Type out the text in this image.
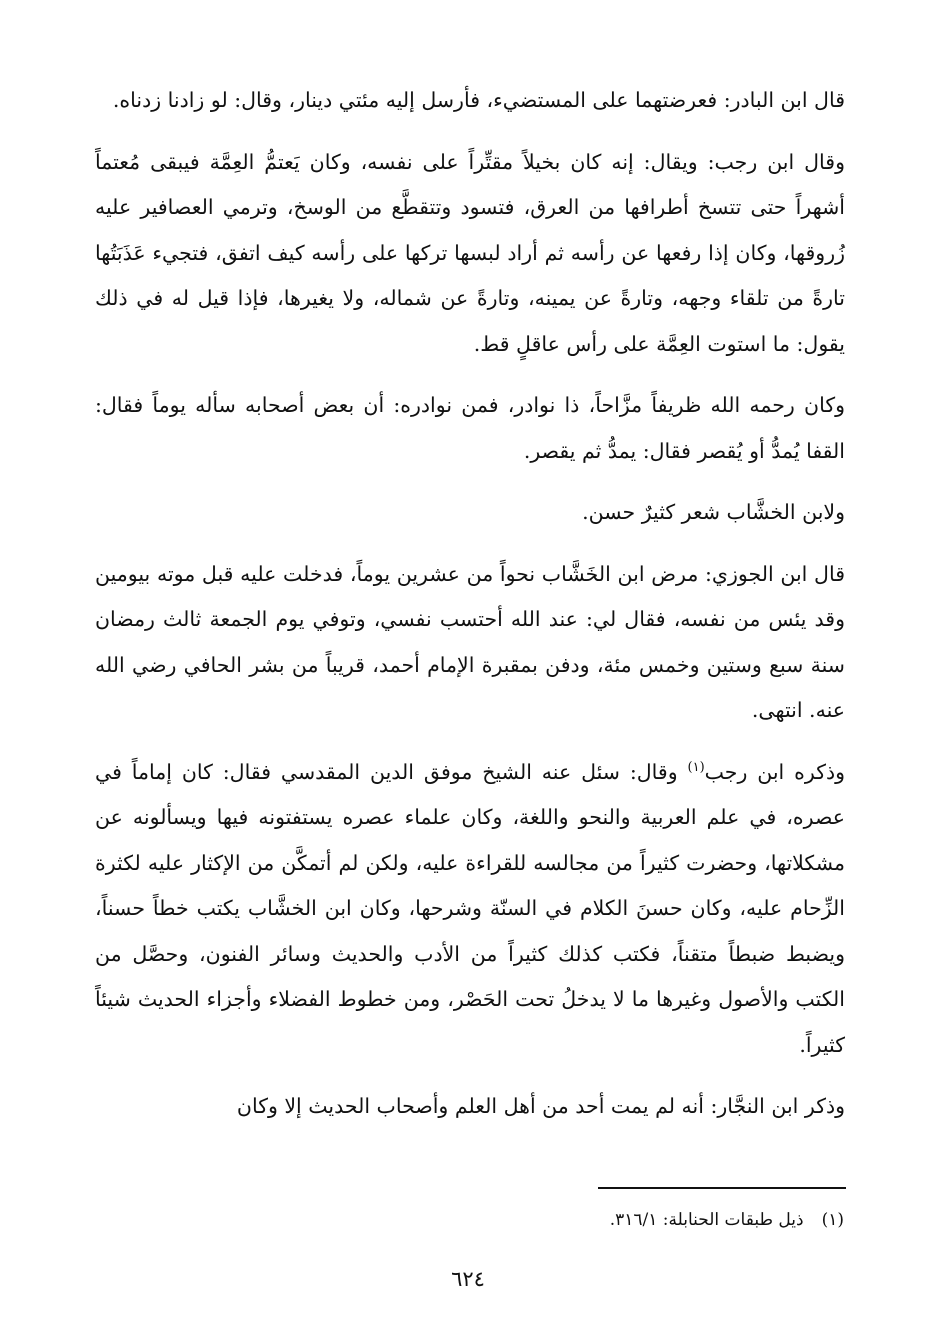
قال ابن البادر: فعرضتهما على المستضيء، فأرسل إليه مئتي دينار، وقال: لو زادنا زدناه.

وقال ابن رجب: ويقال: إنه كان بخيلاً مقتِّراً على نفسه، وكان يَعتمُّ العِمَّة فيبقى مُعتماً أشهراً حتى تتسخ أطرافها من العرق، فتسود وتتقطَّع من الوسخ، وترمي العصافير عليه زُروقها، وكان إذا رفعها عن رأسه ثم أراد لبسها تركها على رأسه كيف اتفق، فتجيء عَذَبَتُها تارةً من تلقاء وجهه، وتارةً عن يمينه، وتارةً عن شماله، ولا يغيرها، فإذا قيل له في ذلك يقول: ما استوت العِمَّة على رأس عاقلٍ قط.

وكان رحمه الله ظريفاً مزَّاحاً، ذا نوادر، فمن نوادره: أن بعض أصحابه سأله يوماً فقال: القفا يُمدُّ أو يُقصر فقال: يمدُّ ثم يقصر.

ولابن الخشَّاب شعر كثيرٌ حسن.

قال ابن الجوزي: مرض ابن الخَشَّاب نحواً من عشرين يوماً، فدخلت عليه قبل موته بيومين وقد يئس من نفسه، فقال لي: عند الله أحتسب نفسي، وتوفي يوم الجمعة ثالث رمضان سنة سبع وستين وخمس مئة، ودفن بمقبرة الإمام أحمد، قريباً من بشر الحافي رضي الله عنه. انتهى.

وذكره ابن رجب$^{(١)}$ وقال: سئل عنه الشيخ موفق الدين المقدسي فقال: كان إماماً في عصره، في علم العربية والنحو واللغة، وكان علماء عصره يستفتونه فيها ويسألونه عن مشكلاتها، وحضرت كثيراً من مجالسه للقراءة عليه، ولكن لم أتمكَّن من الإكثار عليه لكثرة الزِّحام عليه، وكان حسنَ الكلام في السنّة وشرحها، وكان ابن الخشَّاب يكتب خطاً حسناً، ويضبط ضبطاً متقناً، فكتب كذلك كثيراً من الأدب والحديث وسائر الفنون، وحصَّل من الكتب والأصول وغيرها ما لا يدخلُ تحت الحَصْر، ومن خطوط الفضلاء وأجزاء الحديث شيئاً كثيراً.

وذكر ابن النجَّار: أنه لم يمت أحد من أهل العلم وأصحاب الحديث إلا وكان

(١)ذيل طبقات الحنابلة: ٣١٦/١.
٦٢٤
